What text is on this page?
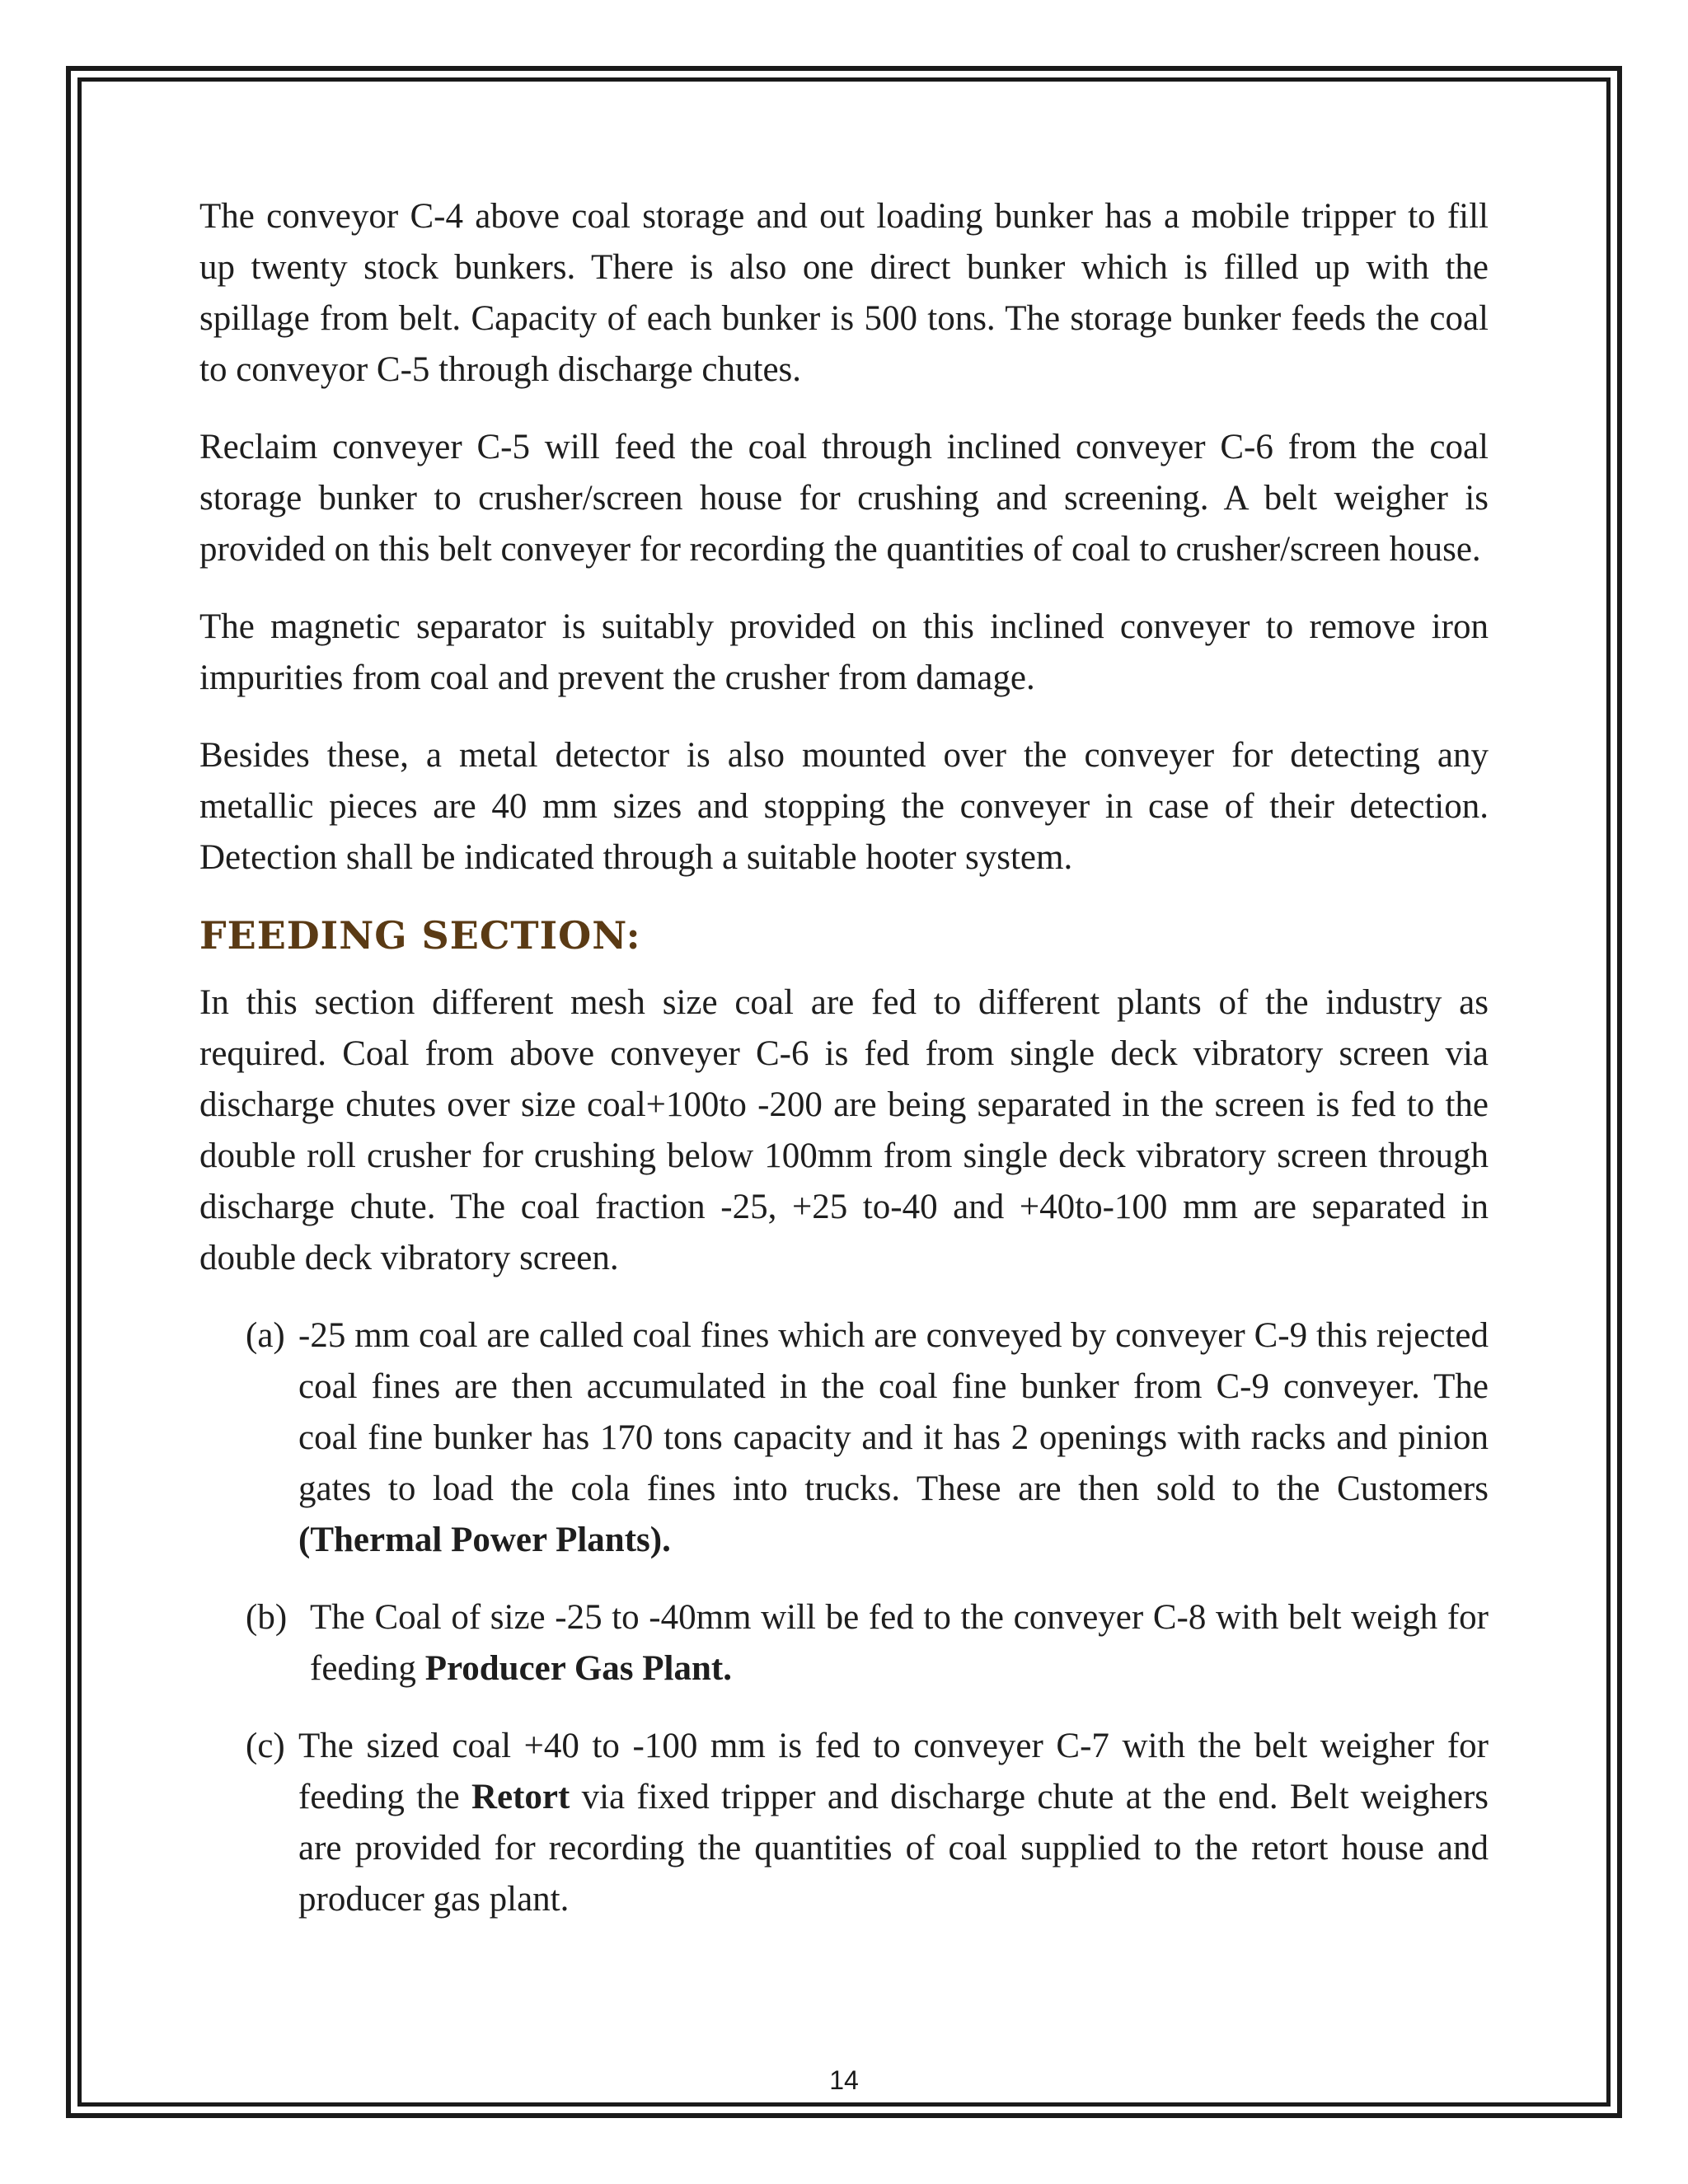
The conveyor C-4 above coal storage and out loading bunker has a mobile tripper to fill up twenty stock bunkers. There is also one direct bunker which is filled up with the spillage from belt. Capacity of each bunker is 500 tons. The storage bunker feeds the coal to conveyor C-5 through discharge chutes.

Reclaim conveyer C-5 will feed the coal through inclined conveyer C-6 from the coal storage bunker to crusher/screen house for crushing and screening. A belt weigher is provided on this belt conveyer for recording the quantities of coal to crusher/screen house.

The magnetic separator is suitably provided on this inclined conveyer to remove iron impurities from coal and prevent the crusher from damage.

Besides these, a metal detector is also mounted over the conveyer for detecting any metallic pieces are 40 mm sizes and stopping the conveyer in case of their detection. Detection shall be indicated through a suitable hooter system.

FEEDING SECTION:

In this section different mesh size coal are fed to different plants of the industry as required. Coal from above conveyer C-6 is fed from single deck vibratory screen via discharge chutes over size coal+100to -200 are being separated in the screen is fed to the double roll crusher for crushing below 100mm from single deck vibratory screen through discharge chute. The coal fraction -25, +25 to-40 and +40to-100 mm are separated in double deck vibratory screen.

(a) -25 mm coal are called coal fines which are conveyed by conveyer C-9 this rejected coal fines are then accumulated in the coal fine bunker from C-9 conveyer. The coal fine bunker has 170 tons capacity and it has 2 openings with racks and pinion gates to load the cola fines into trucks. These are then sold to the Customers (Thermal Power Plants).
(b) The Coal of size -25 to -40mm will be fed to the conveyer C-8 with belt weigh for feeding Producer Gas Plant.
(c) The sized coal +40 to -100 mm is fed to conveyer C-7 with the belt weigher for feeding the Retort via fixed tripper and discharge chute at the end. Belt weighers are provided for recording the quantities of coal supplied to the retort house and producer gas plant.
14
